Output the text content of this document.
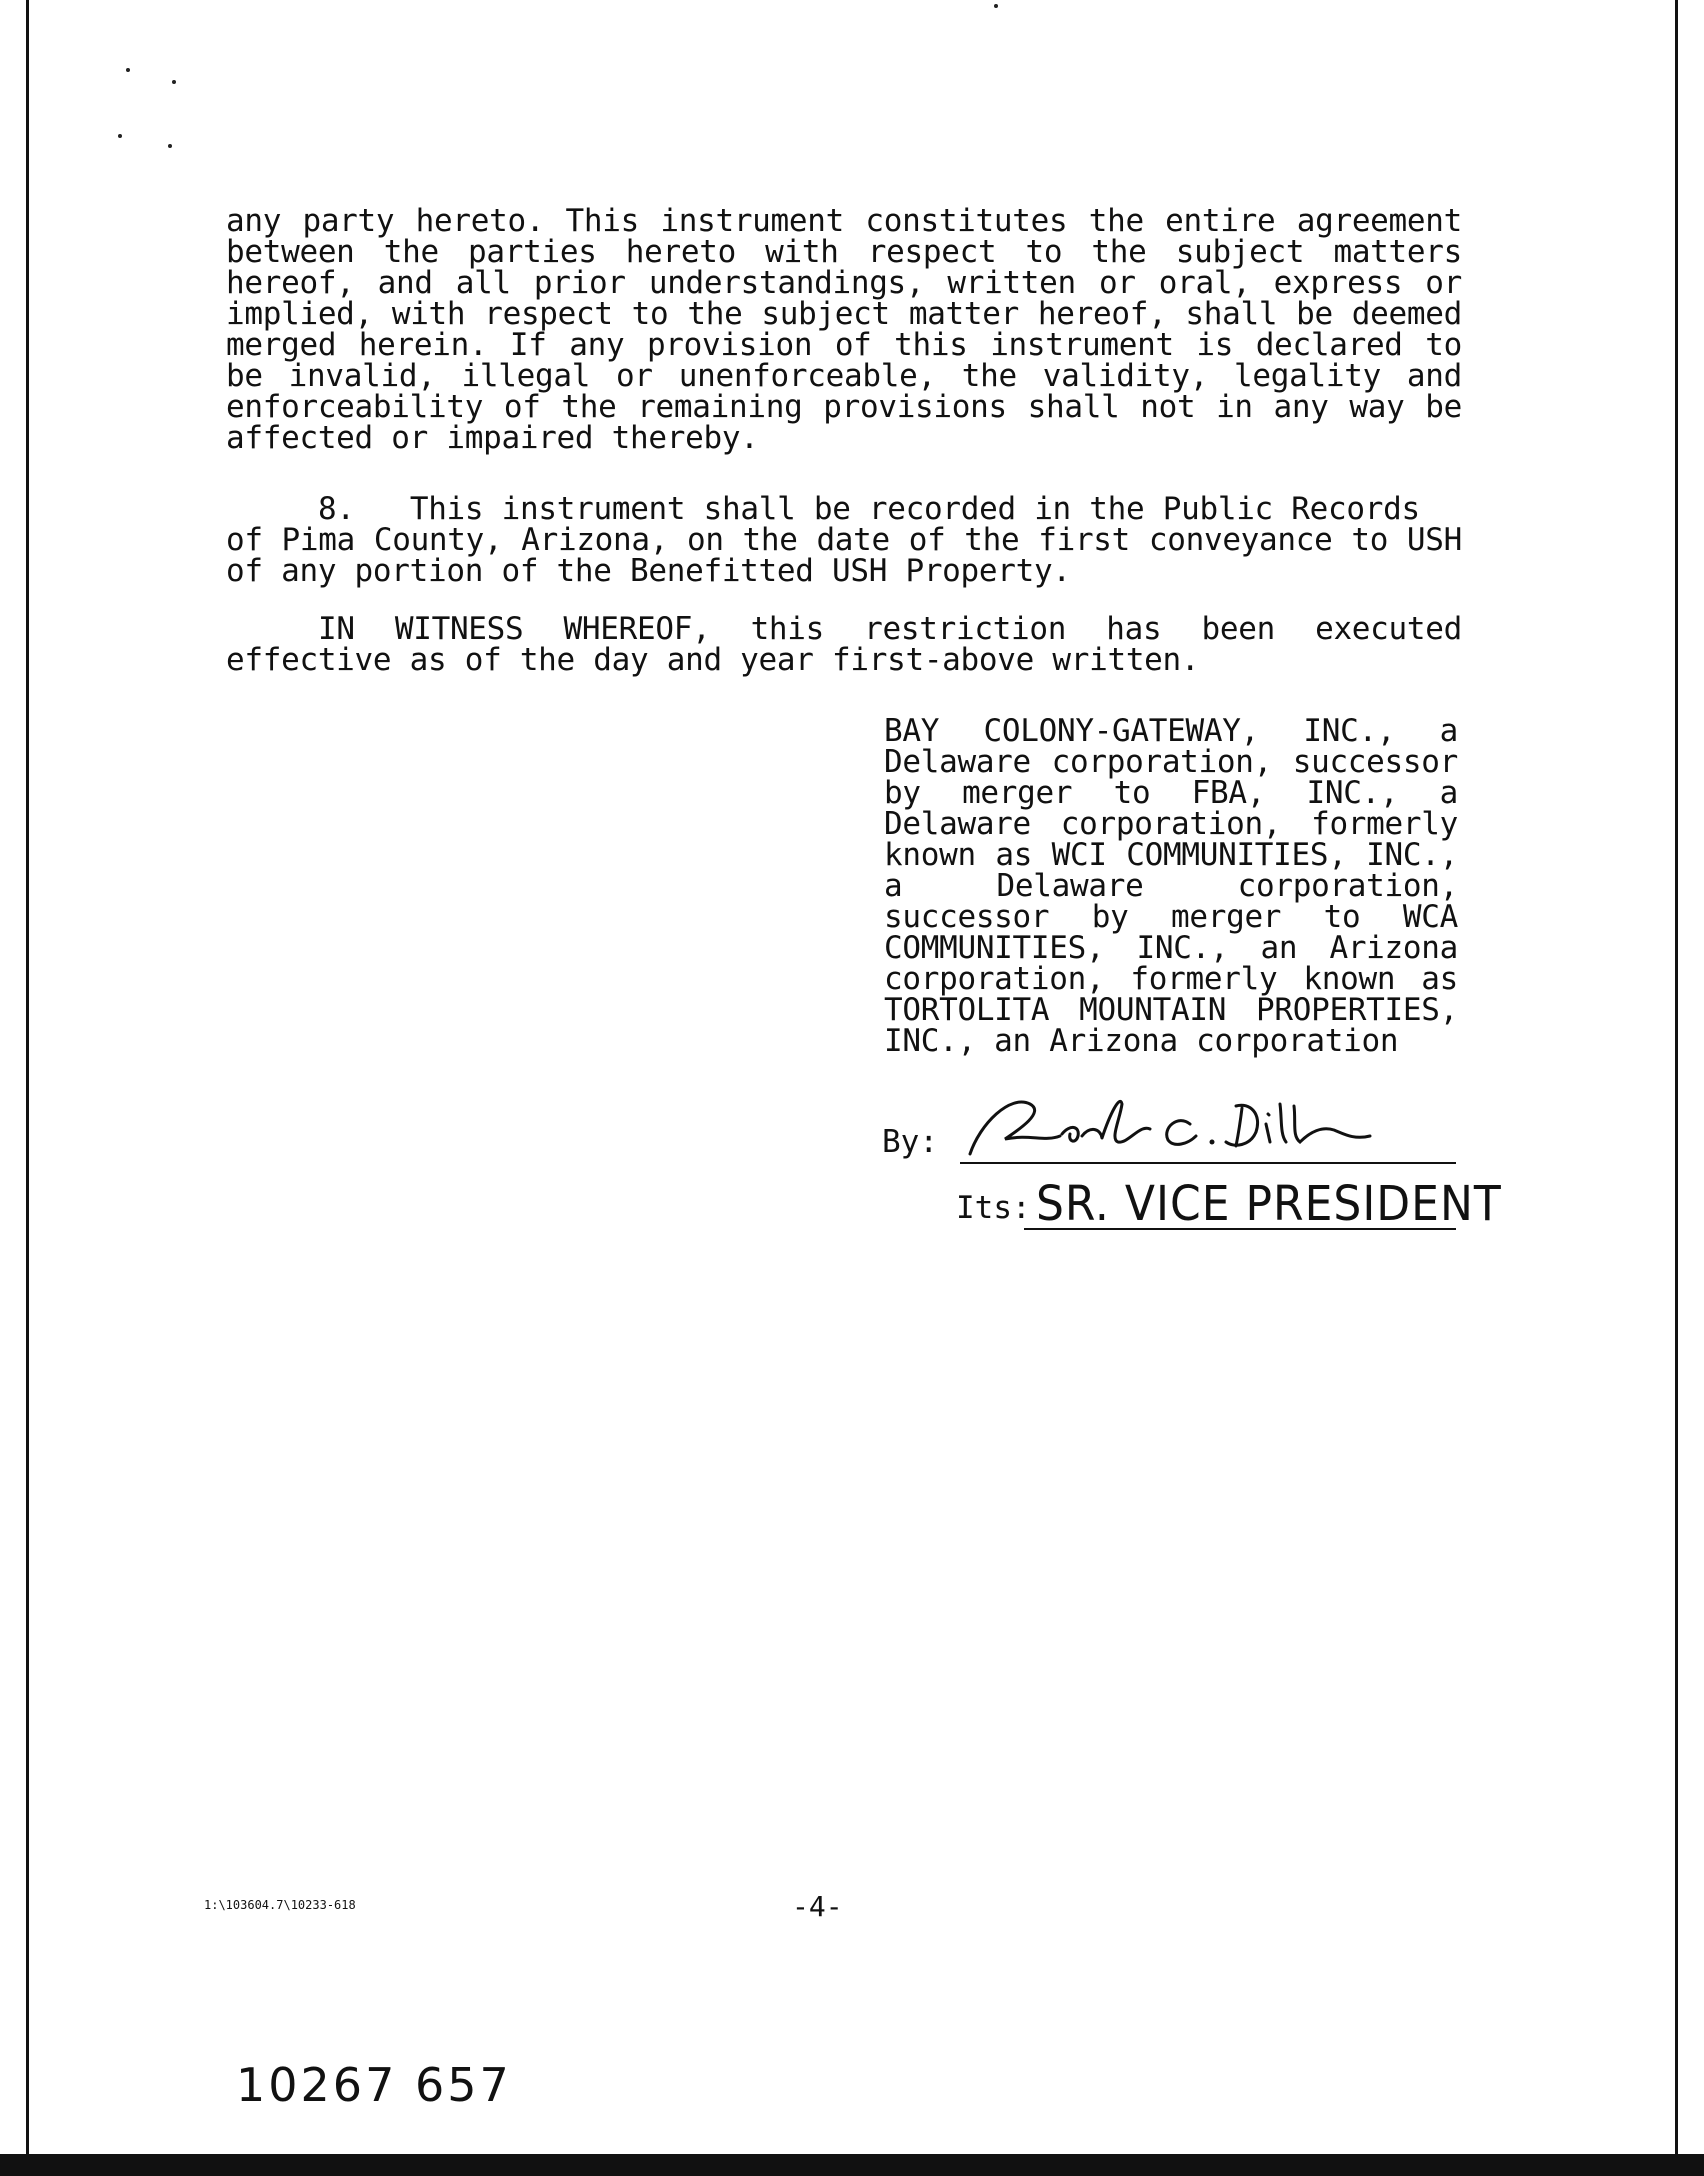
any party hereto. This instrument constitutes the entire agreement
between the parties hereto with respect to the subject matters
hereof, and all prior understandings, written or oral, express or
implied, with respect to the subject matter hereof, shall be deemed
merged herein. If any provision of this instrument is declared to
be invalid, illegal or unenforceable, the validity, legality and
enforceability of the remaining provisions shall not in any way be
affected or impaired thereby.
8. This instrument shall be recorded in the Public Records
of Pima County, Arizona, on the date of the first conveyance to USH
of any portion of the Benefitted USH Property.
IN WITNESS WHEREOF, this restriction has been executed
effective as of the day and year first-above written.
BAY COLONY-GATEWAY, INC., a
Delaware corporation, successor
by merger to FBA, INC., a
Delaware corporation, formerly
known as WCI COMMUNITIES, INC.,
a Delaware corporation,
successor by merger to WCA
COMMUNITIES, INC., an Arizona
corporation, formerly known as
TORTOLITA MOUNTAIN PROPERTIES,
INC., an Arizona corporation
By:
Its: SR. VICE PRESIDENT
1:\103604.7\10233-618	-4-
10267 657
